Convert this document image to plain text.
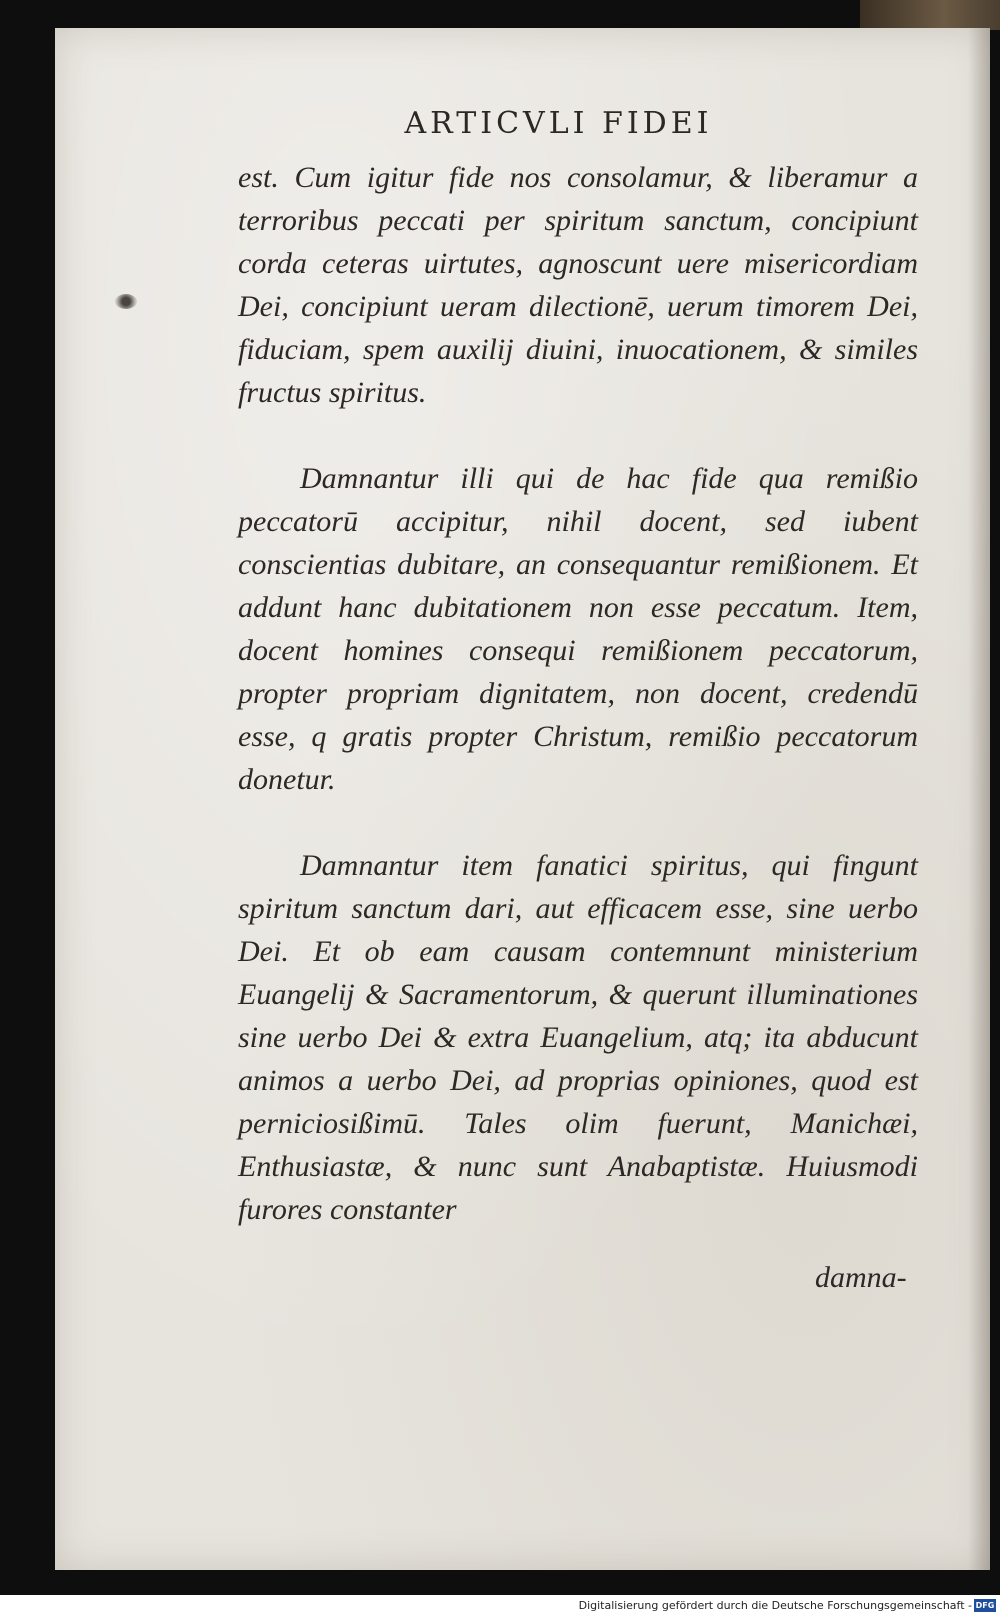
ARTICVLI FIDEI

est. Cum igitur fide nos consolamur, & liberamur a terroribus peccati per spiritum sanctum, concipiunt corda ceteras uirtutes, agnoscunt uere misericordiam Dei, concipiunt ueram dilectionē, uerum timorem Dei, fiduciam, spem auxilij diuini, inuocationem, & similes fructus spiritus.

Damnantur illi qui de hac fide qua remißio peccatorū accipitur, nihil docent, sed iubent conscientias dubitare, an consequantur remißionem. Et addunt hanc dubitationem non esse peccatum. Item, docent homines consequi remißionem peccatorum, propter propriam dignitatem, non docent, credendū esse, q gratis propter Christum, remißio peccatorum donetur.

Damnantur item fanatici spiritus, qui fingunt spiritum sanctum dari, aut efficacem esse, sine uerbo Dei. Et ob eam causam contemnunt ministerium Euangelij & Sacramentorum, & querunt illuminationes sine uerbo Dei & extra Euangelium, atq; ita abducunt animos a uerbo Dei, ad proprias opiniones, quod est perniciosißimū. Tales olim fuerunt, Manichæi, Enthusiastæ, & nunc sunt Anabaptistæ. Huiusmodi furores constanter

damna-
Digitalisierung gefördert durch die Deutsche Forschungsgemeinschaft - DFG
